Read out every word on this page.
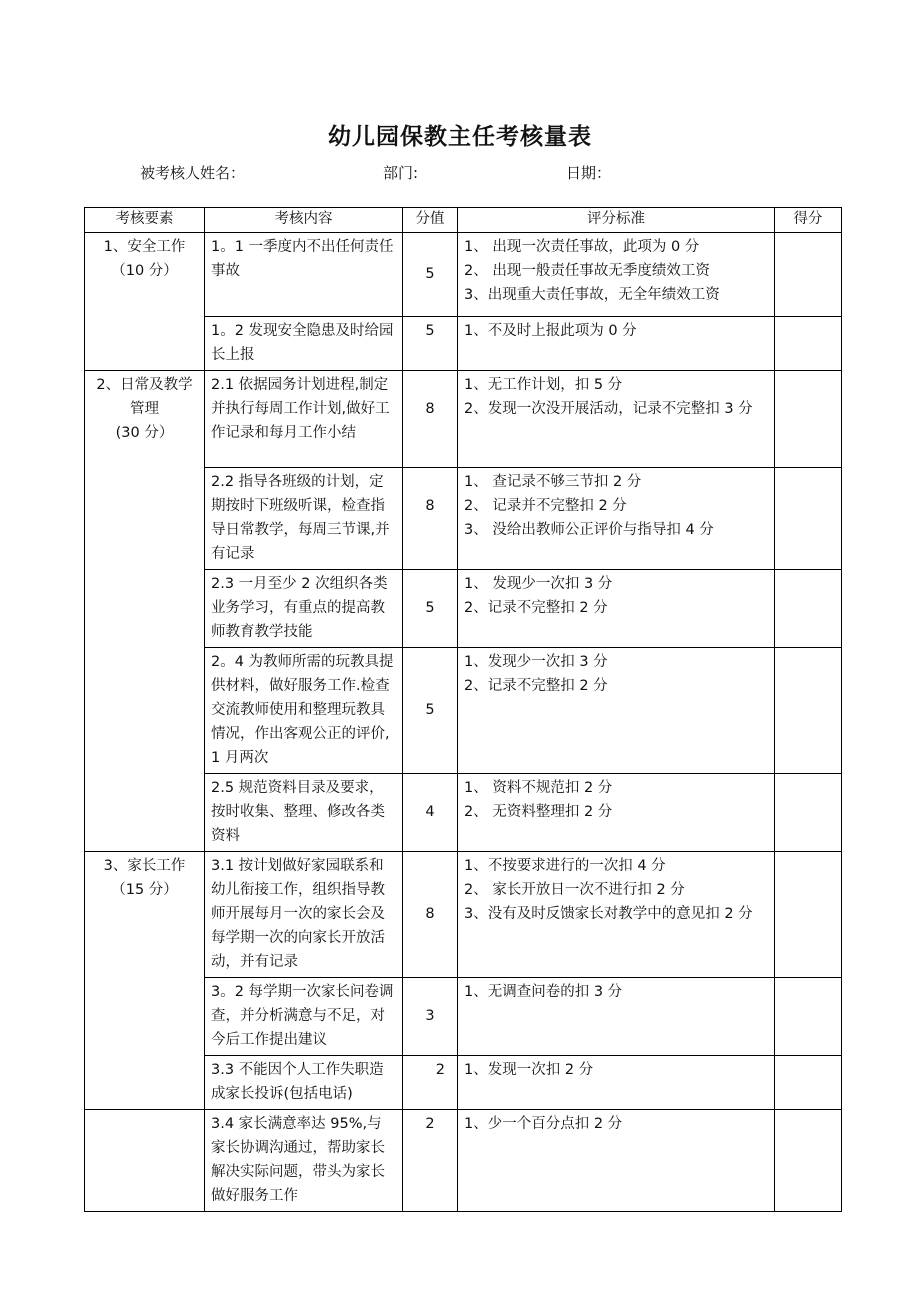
幼儿园保教主任考核量表
被考核人姓名：	部门:	日期：
考核要素	考核内容	分值	评分标准	得分

1、安全工作
（10 分）	1。1 一季度内不出任何责任事故	5	1、 出现一次责任事故，此项为 0 分
2、 出现一般责任事故无季度绩效工资
3、出现重大责任事故，无全年绩效工资	

	1。2 发现安全隐患及时给园长上报	5	1、不及时上报此项为 0 分	

2、日常及教学
管理
(30 分）	2.1 依据园务计划进程,制定并执行每周工作计划,做好工作记录和每月工作小结	8	1、无工作计划，扣 5 分
2、发现一次没开展活动，记录不完整扣 3 分	

	2.2 指导各班级的计划，定期按时下班级听课，检查指导日常教学，每周三节课,并有记录	8	1、 查记录不够三节扣 2 分
2、 记录并不完整扣 2 分
3、 没给出教师公正评价与指导扣 4 分	

	2.3 一月至少 2 次组织各类业务学习，有重点的提高教师教育教学技能	5	1、 发现少一次扣 3 分
2、记录不完整扣 2 分	

	2。4 为教师所需的玩教具提供材料，做好服务工作.检查交流教师使用和整理玩教具情况，作出客观公正的评价,1 月两次	5	1、发现少一次扣 3 分
2、记录不完整扣 2 分	

	2.5 规范资料目录及要求，按时收集、整理、修改各类资料	4	1、 资料不规范扣 2 分
2、 无资料整理扣 2 分	

3、家长工作
（15 分）	3.1 按计划做好家园联系和幼儿衔接工作，组织指导教师开展每月一次的家长会及每学期一次的向家长开放活动，并有记录	8	1、不按要求进行的一次扣 4 分
2、 家长开放日一次不进行扣 2 分
3、没有及时反馈家长对教学中的意见扣 2 分	

	3。2 每学期一次家长问卷调查，并分析满意与不足，对今后工作提出建议	3	1、无调查问卷的扣 3 分	

	3.3 不能因个人工作失职造成家长投诉(包括电话)	2	1、发现一次扣 2 分	

	3.4 家长满意率达 95%,与家长协调沟通过，帮助家长解决实际问题，带头为家长做好服务工作	2	1、少一个百分点扣 2 分	
